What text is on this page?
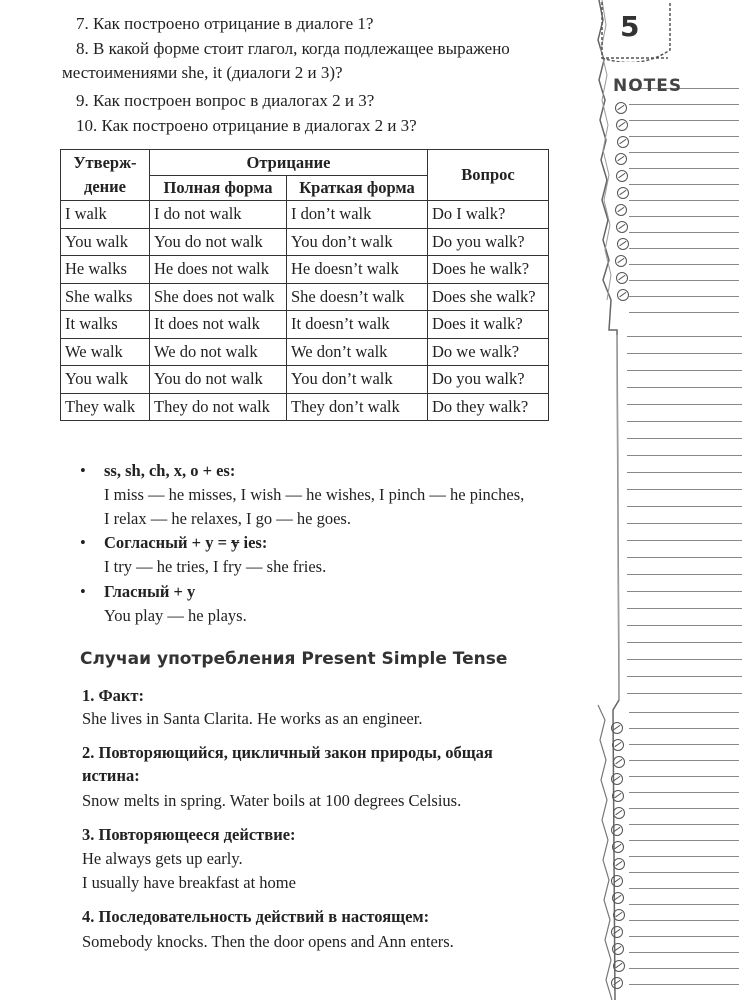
7. Как построено отрицание в диалоге 1?
8. В какой форме стоит глагол, когда подлежащее выражено местоимениями she, it (диалоги 2 и 3)?
9. Как построен вопрос в диалогах 2 и 3?
10. Как построено отрицание в диалогах 2 и 3?
Утверж-
дение	Отрицание		Вопрос
	Полная форма	Краткая форма	
I walk	I do not walk	I don’t walk	Do I walk?
You walk	You do not walk	You don’t walk	Do you walk?
He walks	He does not walk	He doesn’t walk	Does he walk?
She walks	She does not walk	She doesn’t walk	Does she walk?
It walks	It does not walk	It doesn’t walk	Does it walk?
We walk	We do not walk	We don’t walk	Do we walk?
You walk	You do not walk	You don’t walk	Do you walk?
They walk	They do not walk	They don’t walk	Do they walk?
• ss, sh, ch, x, o + es:
I miss — he misses, I wish — he wishes, I pinch — he pinches,
I relax — he relaxes, I go — he goes.
• Согласный + у = у ies:
I try — he tries, I fry — she fries.
• Гласный + у
You play — he plays.
Случаи употребления Present Simple Tense
1. Факт:
She lives in Santa Clarita. He works as an engineer.
2. Повторяющийся, цикличный закон природы, общая
истина:
Snow melts in spring. Water boils at 100 degrees Celsius.
3. Повторяющееся действие:
He always gets up early.
I usually have breakfast at home
4. Последовательность действий в настоящем:
Somebody knocks. Then the door opens and Ann enters.
5
NOTES
